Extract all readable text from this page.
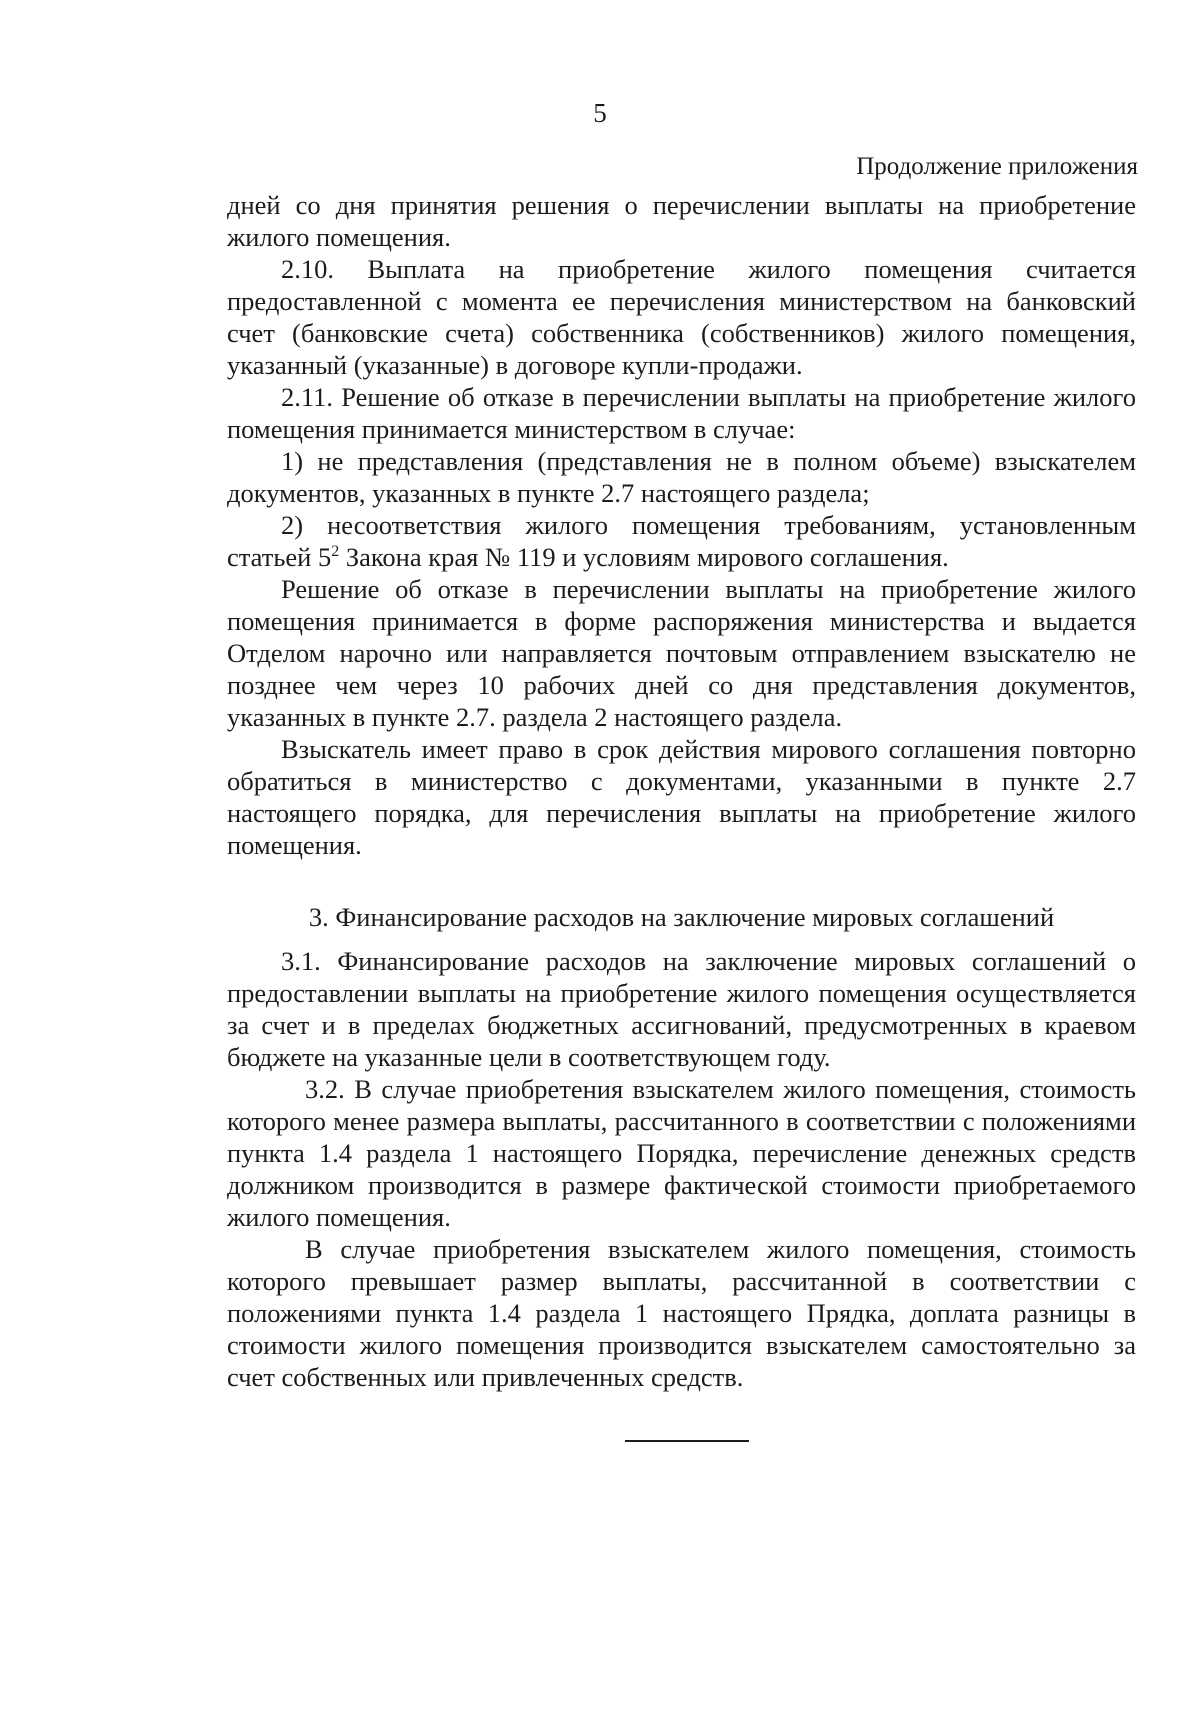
5
Продолжение приложения

дней со дня принятия решения о перечислении выплаты на приобретение жилого помещения.

2.10. Выплата на приобретение жилого помещения считается предоставленной с момента ее перечисления министерством на банковский счет (банковские счета) собственника (собственников) жилого помещения, указанный (указанные) в договоре купли-продажи.

2.11. Решение об отказе в перечислении выплаты на приобретение жилого помещения принимается министерством в случае:

1) не представления (представления не в полном объеме) взыскателем документов, указанных в пункте 2.7 настоящего раздела;

2) несоответствия жилого помещения требованиям, установленным статьей $5^2$ Закона края № 119 и условиям мирового соглашения.

Решение об отказе в перечислении выплаты на приобретение жилого помещения принимается в форме распоряжения министерства и выдается Отделом нарочно или направляется почтовым отправлением взыскателю не позднее чем через 10 рабочих дней со дня представления документов, указанных в пункте 2.7. раздела 2 настоящего раздела.

Взыскатель имеет право в срок действия мирового соглашения повторно обратиться в министерство с документами, указанными в пункте 2.7 настоящего порядка, для перечисления выплаты на приобретение жилого помещения.

3. Финансирование расходов на заключение мировых соглашений

3.1. Финансирование расходов на заключение мировых соглашений о предоставлении выплаты на приобретение жилого помещения осуществляется за счет и в пределах бюджетных ассигнований, предусмотренных в краевом бюджете на указанные цели в соответствующем году.

3.2. В случае приобретения взыскателем жилого помещения, стоимость которого менее размера выплаты, рассчитанного в соответствии с положениями пункта 1.4 раздела 1 настоящего Порядка, перечисление денежных средств должником производится в размере фактической стоимости приобретаемого жилого помещения.

В случае приобретения взыскателем жилого помещения, стоимость которого превышает размер выплаты, рассчитанной в соответствии с положениями пункта 1.4 раздела 1 настоящего Прядка, доплата разницы в стоимости жилого помещения производится взыскателем самостоятельно за счет собственных или привлеченных средств.
